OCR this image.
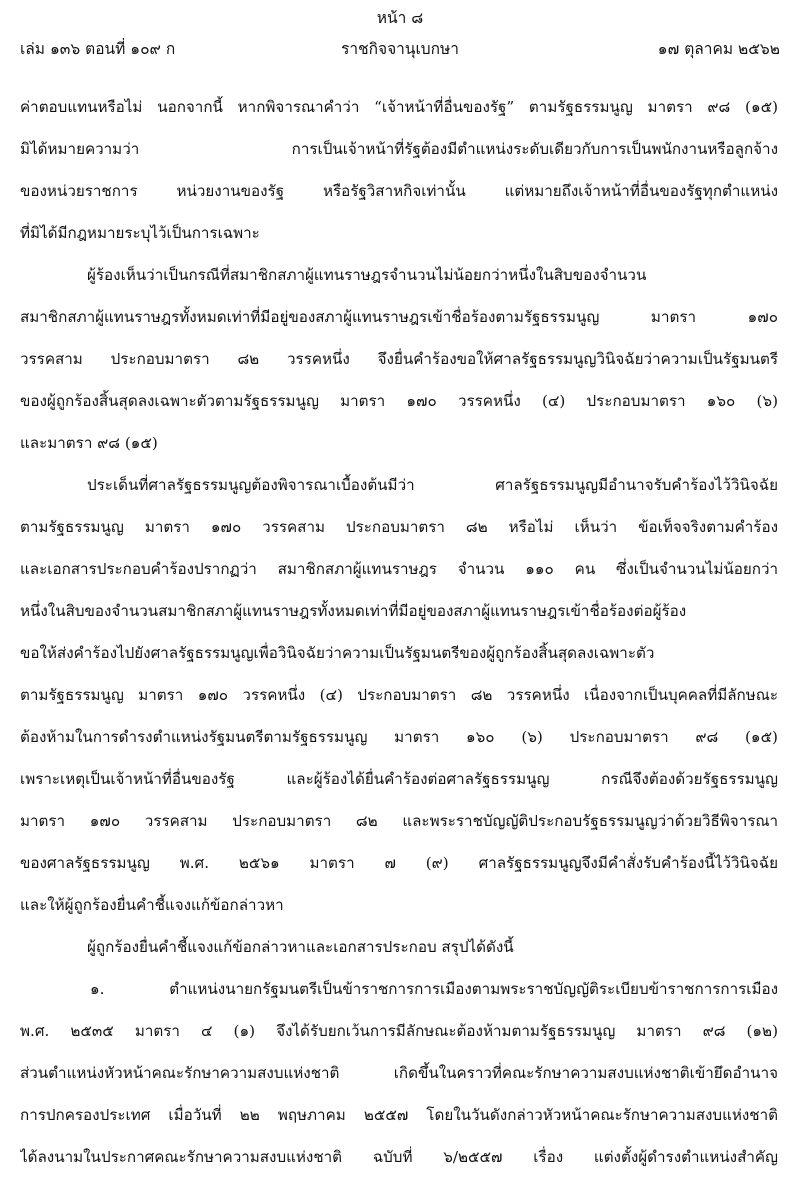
หน้า ๘
เล่ม ๑๓๖ ตอนที่ ๑๐๙ ก	ราชกิจจานุเบกษา	๑๗ ตุลาคม ๒๕๖๒
ค่าตอบแทนหรือไม่ นอกจากนี้ หากพิจารณาคำว่า “เจ้าหน้าที่อื่นของรัฐ” ตามรัฐธรรมนูญ มาตรา ๙๘ (๑๕)
มิได้หมายความว่า การเป็นเจ้าหน้าที่รัฐต้องมีตำแหน่งระดับเดียวกับการเป็นพนักงานหรือลูกจ้าง
ของหน่วยราชการ หน่วยงานของรัฐ หรือรัฐวิสาหกิจเท่านั้น แต่หมายถึงเจ้าหน้าที่อื่นของรัฐทุกตำแหน่ง
ที่มิได้มีกฎหมายระบุไว้เป็นการเฉพาะ
ผู้ร้องเห็นว่าเป็นกรณีที่สมาชิกสภาผู้แทนราษฎรจำนวนไม่น้อยกว่าหนึ่งในสิบของจำนวน
สมาชิกสภาผู้แทนราษฎรทั้งหมดเท่าที่มีอยู่ของสภาผู้แทนราษฎรเข้าชื่อร้องตามรัฐธรรมนูญ มาตรา ๑๗๐
วรรคสาม ประกอบมาตรา ๘๒ วรรคหนึ่ง จึงยื่นคำร้องขอให้ศาลรัฐธรรมนูญวินิจฉัยว่าความเป็นรัฐมนตรี
ของผู้ถูกร้องสิ้นสุดลงเฉพาะตัวตามรัฐธรรมนูญ มาตรา ๑๗๐ วรรคหนึ่ง (๔) ประกอบมาตรา ๑๖๐ (๖)
และมาตรา ๙๘ (๑๕)
ประเด็นที่ศาลรัฐธรรมนูญต้องพิจารณาเบื้องต้นมีว่า ศาลรัฐธรรมนูญมีอำนาจรับคำร้องไว้วินิจฉัย
ตามรัฐธรรมนูญ มาตรา ๑๗๐ วรรคสาม ประกอบมาตรา ๘๒ หรือไม่ เห็นว่า ข้อเท็จจริงตามคำร้อง
และเอกสารประกอบคำร้องปรากฏว่า สมาชิกสภาผู้แทนราษฎร จำนวน ๑๑๐ คน ซึ่งเป็นจำนวนไม่น้อยกว่า
หนึ่งในสิบของจำนวนสมาชิกสภาผู้แทนราษฎรทั้งหมดเท่าที่มีอยู่ของสภาผู้แทนราษฎรเข้าชื่อร้องต่อผู้ร้อง
ขอให้ส่งคำร้องไปยังศาลรัฐธรรมนูญเพื่อวินิจฉัยว่าความเป็นรัฐมนตรีของผู้ถูกร้องสิ้นสุดลงเฉพาะตัว
ตามรัฐธรรมนูญ มาตรา ๑๗๐ วรรคหนึ่ง (๔) ประกอบมาตรา ๘๒ วรรคหนึ่ง เนื่องจากเป็นบุคคลที่มีลักษณะ
ต้องห้ามในการดำรงตำแหน่งรัฐมนตรีตามรัฐธรรมนูญ มาตรา ๑๖๐ (๖) ประกอบมาตรา ๙๘ (๑๕)
เพราะเหตุเป็นเจ้าหน้าที่อื่นของรัฐ และผู้ร้องได้ยื่นคำร้องต่อศาลรัฐธรรมนูญ กรณีจึงต้องด้วยรัฐธรรมนูญ
มาตรา ๑๗๐ วรรคสาม ประกอบมาตรา ๘๒ และพระราชบัญญัติประกอบรัฐธรรมนูญว่าด้วยวิธีพิจารณา
ของศาลรัฐธรรมนูญ พ.ศ. ๒๕๖๑ มาตรา ๗ (๙) ศาลรัฐธรรมนูญจึงมีคำสั่งรับคำร้องนี้ไว้วินิจฉัย
และให้ผู้ถูกร้องยื่นคำชี้แจงแก้ข้อกล่าวหา
ผู้ถูกร้องยื่นคำชี้แจงแก้ข้อกล่าวหาและเอกสารประกอบ สรุปได้ดังนี้
๑. ตำแหน่งนายกรัฐมนตรีเป็นข้าราชการการเมืองตามพระราชบัญญัติระเบียบข้าราชการการเมือง
พ.ศ. ๒๕๓๕ มาตรา ๔ (๑) จึงได้รับยกเว้นการมีลักษณะต้องห้ามตามรัฐธรรมนูญ มาตรา ๙๘ (๑๒)
ส่วนตำแหน่งหัวหน้าคณะรักษาความสงบแห่งชาติ เกิดขึ้นในคราวที่คณะรักษาความสงบแห่งชาติเข้ายึดอำนาจ
การปกครองประเทศ เมื่อวันที่ ๒๒ พฤษภาคม ๒๕๕๗ โดยในวันดังกล่าวหัวหน้าคณะรักษาความสงบแห่งชาติ
ได้ลงนามในประกาศคณะรักษาความสงบแห่งชาติ ฉบับที่ ๖/๒๕๕๗ เรื่อง แต่งตั้งผู้ดำรงตำแหน่งสำคัญ
